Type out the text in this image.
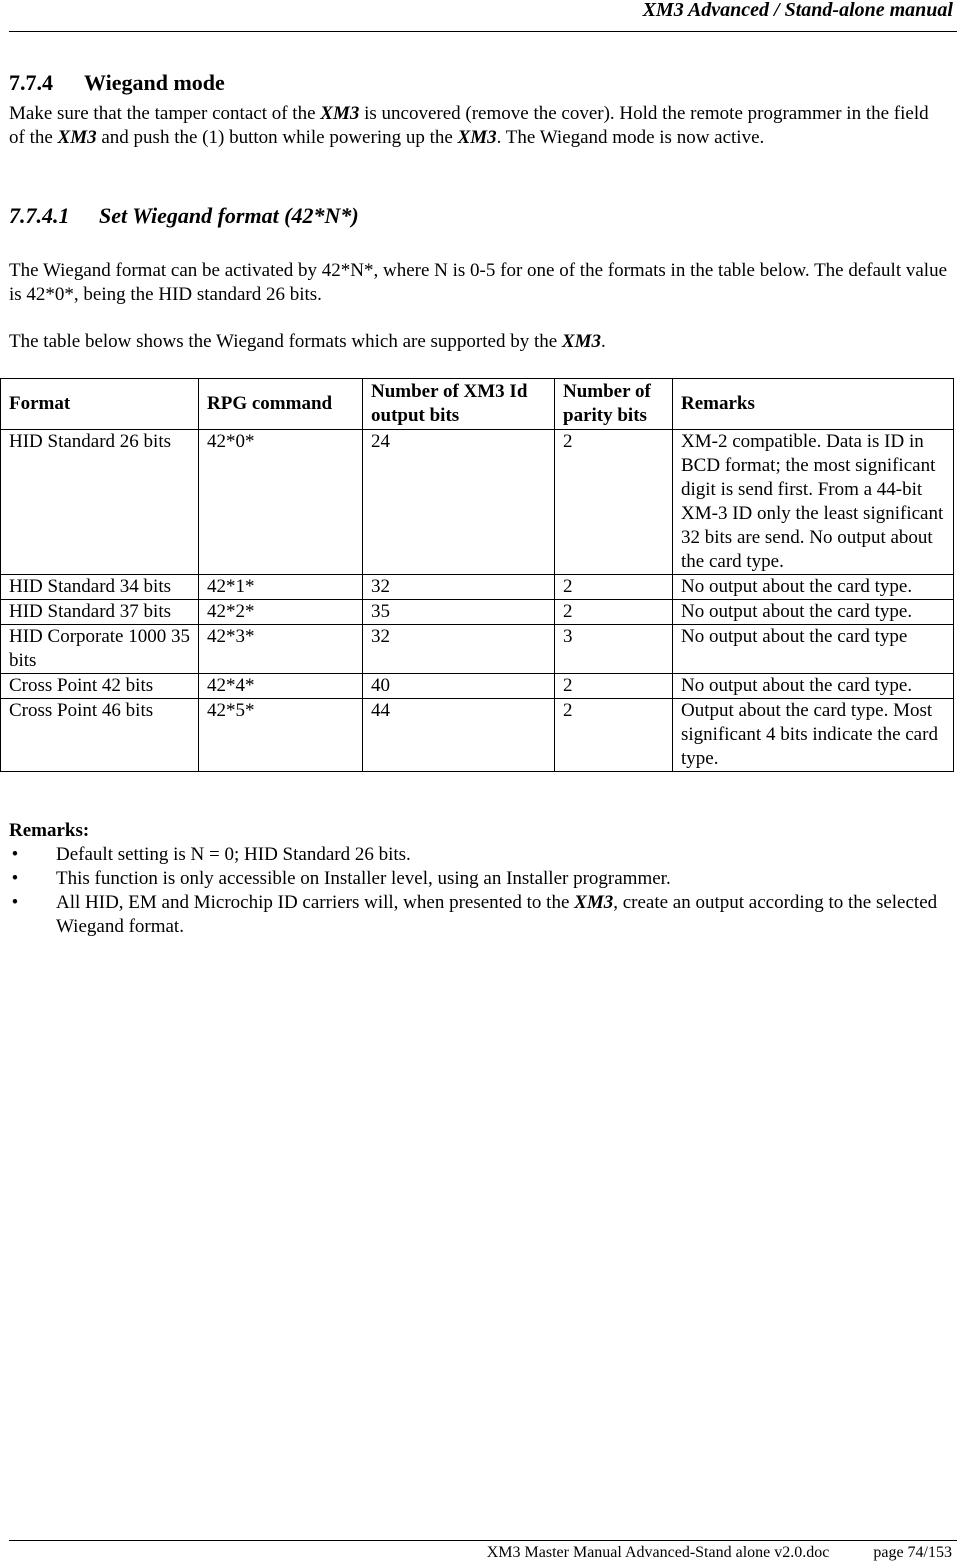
XM3 Advanced / Stand-alone manual
7.7.4 Wiegand mode

Make sure that the tamper contact of the XM3 is uncovered (remove the cover). Hold the remote programmer in the field of the XM3 and push the (1) button while powering up the XM3. The Wiegand mode is now active.

7.7.4.1 Set Wiegand format (42*N*)

The Wiegand format can be activated by 42*N*, where N is 0-5 for one of the formats in the table below. The default value is 42*0*, being the HID standard 26 bits.

The table below shows the Wiegand formats which are supported by the XM3.

Format	RPG command	Number of XM3 Id output bits	Number of parity bits	Remarks
HID Standard 26 bits	42*0*	24	2	XM-2 compatible. Data is ID in BCD format; the most significant digit is send first. From a 44-bit XM-3 ID only the least significant 32 bits are send. No output about the card type.
HID Standard 34 bits	42*1*	32	2	No output about the card type.
HID Standard 37 bits	42*2*	35	2	No output about the card type.
HID Corporate 1000 35 bits	42*3*	32	3	No output about the card type
Cross Point 42 bits	42*4*	40	2	No output about the card type.
Cross Point 46 bits	42*5*	44	2	Output about the card type. Most significant 4 bits indicate the card type.

Remarks:

• Default setting is N = 0; HID Standard 26 bits.
• This function is only accessible on Installer level, using an Installer programmer.
• All HID, EM and Microchip ID carriers will, when presented to the XM3, create an output according to the selected Wiegand format.
XM3 Master Manual Advanced-Stand alone v2.0.doc	page 74/153
